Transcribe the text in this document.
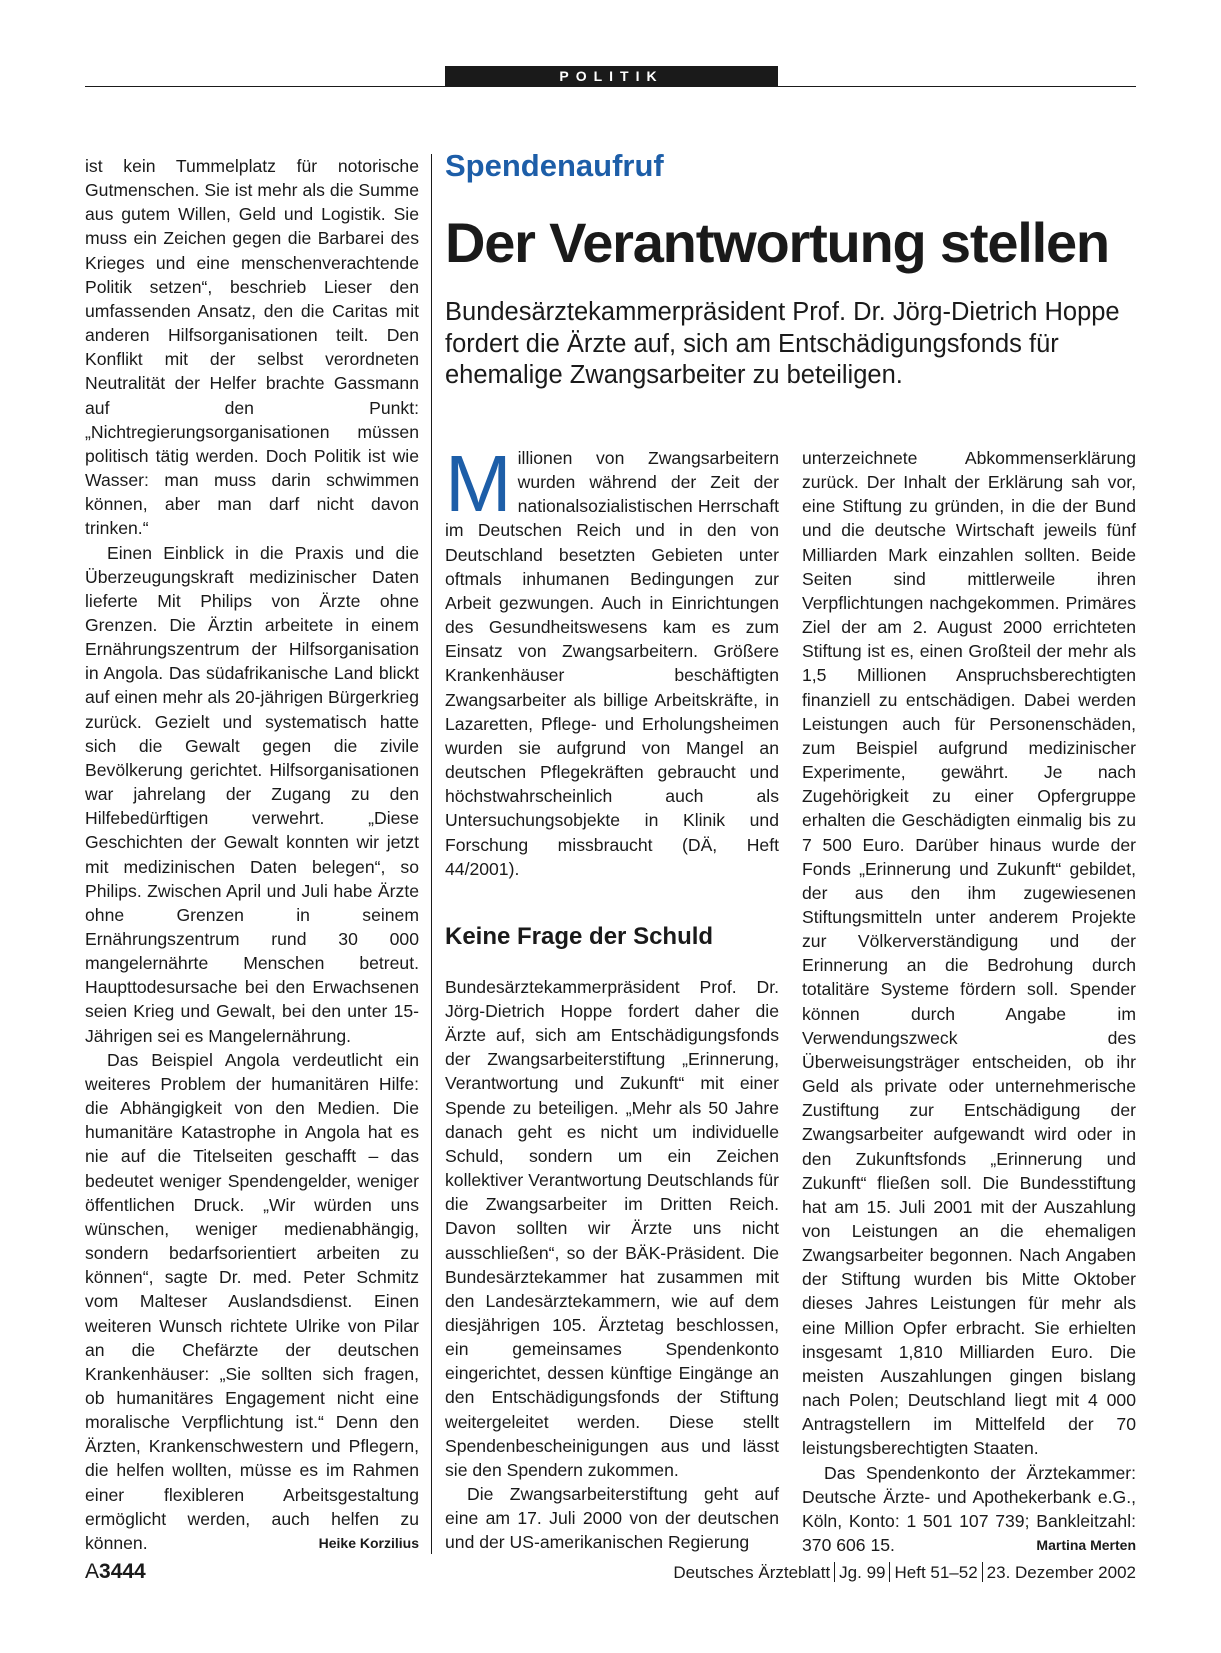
POLITIK

ist kein Tummelplatz für notorische Gutmenschen. Sie ist mehr als die Summe aus gutem Willen, Geld und Logistik. Sie muss ein Zeichen gegen die Barbarei des Krieges und eine menschenverachtende Politik setzen“, beschrieb Lieser den umfassenden Ansatz, den die Caritas mit anderen Hilfsorganisationen teilt. Den Konflikt mit der selbst verordneten Neutralität der Helfer brachte Gassmann auf den Punkt: „Nichtregierungsorganisationen müssen politisch tätig werden. Doch Politik ist wie Wasser: man muss darin schwimmen können, aber man darf nicht davon trinken.“

Einen Einblick in die Praxis und die Überzeugungskraft medizinischer Daten lieferte Mit Philips von Ärzte ohne Grenzen. Die Ärztin arbeitete in einem Ernährungszentrum der Hilfsorganisation in Angola. Das südafrikanische Land blickt auf einen mehr als 20-jährigen Bürgerkrieg zurück. Gezielt und systematisch hatte sich die Gewalt gegen die zivile Bevölkerung gerichtet. Hilfsorganisationen war jahrelang der Zugang zu den Hilfebedürftigen verwehrt. „Diese Geschichten der Gewalt konnten wir jetzt mit medizinischen Daten belegen“, so Philips. Zwischen April und Juli habe Ärzte ohne Grenzen in seinem Ernährungszentrum rund 30 000 mangelernährte Menschen betreut. Haupttodesursache bei den Erwachsenen seien Krieg und Gewalt, bei den unter 15-Jährigen sei es Mangelernährung.

Das Beispiel Angola verdeutlicht ein weiteres Problem der humanitären Hilfe: die Abhängigkeit von den Medien. Die humanitäre Katastrophe in Angola hat es nie auf die Titelseiten geschafft – das bedeutet weniger Spendengelder, weniger öffentlichen Druck. „Wir würden uns wünschen, weniger medienabhängig, sondern bedarfsorientiert arbeiten zu können“, sagte Dr. med. Peter Schmitz vom Malteser Auslandsdienst. Einen weiteren Wunsch richtete Ulrike von Pilar an die Chefärzte der deutschen Krankenhäuser: „Sie sollten sich fragen, ob humanitäres Engagement nicht eine moralische Verpflichtung ist.“ Denn den Ärzten, Krankenschwestern und Pflegern, die helfen wollten, müsse es im Rahmen einer flexibleren Arbeitsgestaltung ermöglicht werden, auch helfen zu können.	Heike Korzilius

Spendenaufruf
Der Verantwortung stellen
Bundesärztekammerpräsident Prof. Dr. Jörg-Dietrich Hoppe fordert die Ärzte auf, sich am Entschädigungsfonds für ehemalige Zwangsarbeiter zu beteiligen.

Millionen von Zwangsarbeitern wurden während der Zeit der nationalsozialistischen Herrschaft im Deutschen Reich und in den von Deutschland besetzten Gebieten unter oftmals inhumanen Bedingungen zur Arbeit gezwungen. Auch in Einrichtungen des Gesundheitswesens kam es zum Einsatz von Zwangsarbeitern. Größere Krankenhäuser beschäftigten Zwangsarbeiter als billige Arbeitskräfte, in Lazaretten, Pflege- und Erholungsheimen wurden sie aufgrund von Mangel an deutschen Pflegekräften gebraucht und höchstwahrscheinlich auch als Untersuchungsobjekte in Klinik und Forschung missbraucht (DÄ, Heft 44/2001).

Keine Frage der Schuld

Bundesärztekammerpräsident Prof. Dr. Jörg-Dietrich Hoppe fordert daher die Ärzte auf, sich am Entschädigungsfonds der Zwangsarbeiterstiftung „Erinnerung, Verantwortung und Zukunft“ mit einer Spende zu beteiligen. „Mehr als 50 Jahre danach geht es nicht um individuelle Schuld, sondern um ein Zeichen kollektiver Verantwortung Deutschlands für die Zwangsarbeiter im Dritten Reich. Davon sollten wir Ärzte uns nicht ausschließen“, so der BÄK-Präsident. Die Bundesärztekammer hat zusammen mit den Landesärztekammern, wie auf dem diesjährigen 105. Ärztetag beschlossen, ein gemeinsames Spendenkonto eingerichtet, dessen künftige Eingänge an den Entschädigungsfonds der Stiftung weitergeleitet werden. Diese stellt Spendenbescheinigungen aus und lässt sie den Spendern zukommen.

Die Zwangsarbeiterstiftung geht auf eine am 17. Juli 2000 von der deutschen und der US-amerikanischen Regierung

unterzeichnete Abkommenserklärung zurück. Der Inhalt der Erklärung sah vor, eine Stiftung zu gründen, in die der Bund und die deutsche Wirtschaft jeweils fünf Milliarden Mark einzahlen sollten. Beide Seiten sind mittlerweile ihren Verpflichtungen nachgekommen. Primäres Ziel der am 2. August 2000 errichteten Stiftung ist es, einen Großteil der mehr als 1,5 Millionen Anspruchsberechtigten finanziell zu entschädigen. Dabei werden Leistungen auch für Personenschäden, zum Beispiel aufgrund medizinischer Experimente, gewährt. Je nach Zugehörigkeit zu einer Opfergruppe erhalten die Geschädigten einmalig bis zu 7 500 Euro. Darüber hinaus wurde der Fonds „Erinnerung und Zukunft“ gebildet, der aus den ihm zugewiesenen Stiftungsmitteln unter anderem Projekte zur Völkerverständigung und der Erinnerung an die Bedrohung durch totalitäre Systeme fördern soll. Spender können durch Angabe im Verwendungszweck des Überweisungsträger entscheiden, ob ihr Geld als private oder unternehmerische Zustiftung zur Entschädigung der Zwangsarbeiter aufgewandt wird oder in den Zukunftsfonds „Erinnerung und Zukunft“ fließen soll. Die Bundesstiftung hat am 15. Juli 2001 mit der Auszahlung von Leistungen an die ehemaligen Zwangsarbeiter begonnen. Nach Angaben der Stiftung wurden bis Mitte Oktober dieses Jahres Leistungen für mehr als eine Million Opfer erbracht. Sie erhielten insgesamt 1,810 Milliarden Euro. Die meisten Auszahlungen gingen bislang nach Polen; Deutschland liegt mit 4 000 Antragstellern im Mittelfeld der 70 leistungsberechtigten Staaten.

Das Spendenkonto der Ärztekammer: Deutsche Ärzte- und Apothekerbank e.G., Köln, Konto: 1 501 107 739; Bankleitzahl: 370 606 15.	Martina Merten

A3444	Deutsches Ärzteblatt Jg. 99 Heft 51–52 23. Dezember 2002
